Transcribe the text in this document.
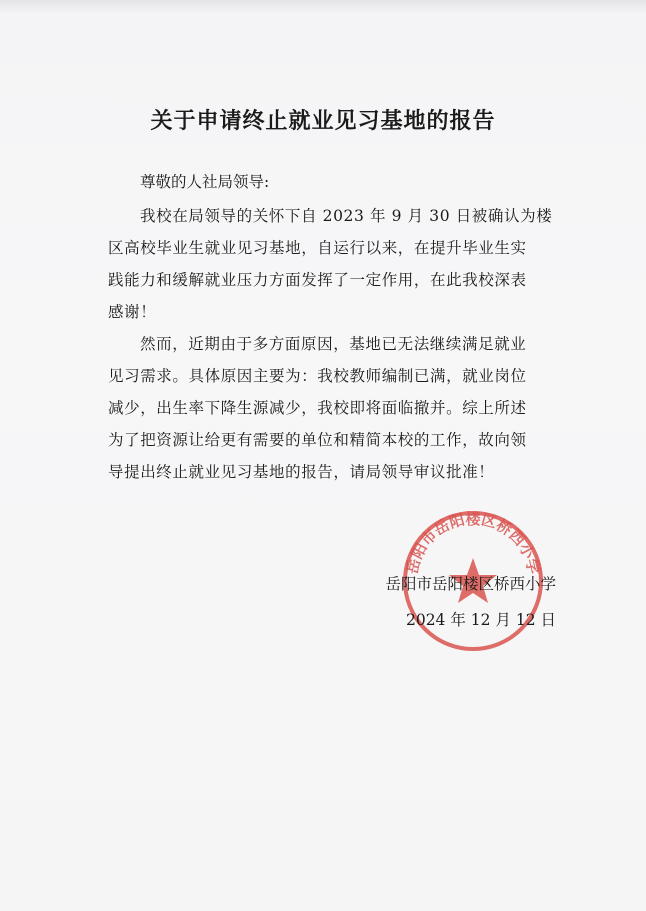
关于申请终止就业见习基地的报告
尊敬的人社局领导:
我校在局领导的关怀下自 2023 年 9 月 30 日被确认为楼
区高校毕业生就业见习基地，自运行以来，在提升毕业生实
践能力和缓解就业压力方面发挥了一定作用，在此我校深表
感谢！
然而，近期由于多方面原因，基地已无法继续满足就业
见习需求。具体原因主要为：我校教师编制已满，就业岗位
减少，出生率下降生源减少，我校即将面临撤并。综上所述
为了把资源让给更有需要的单位和精简本校的工作，故向领
导提出终止就业见习基地的报告，请局领导审议批准！
岳阳市岳阳楼区桥西小学
岳阳市岳阳楼区桥西小学
2024 年 12 月 12 日
